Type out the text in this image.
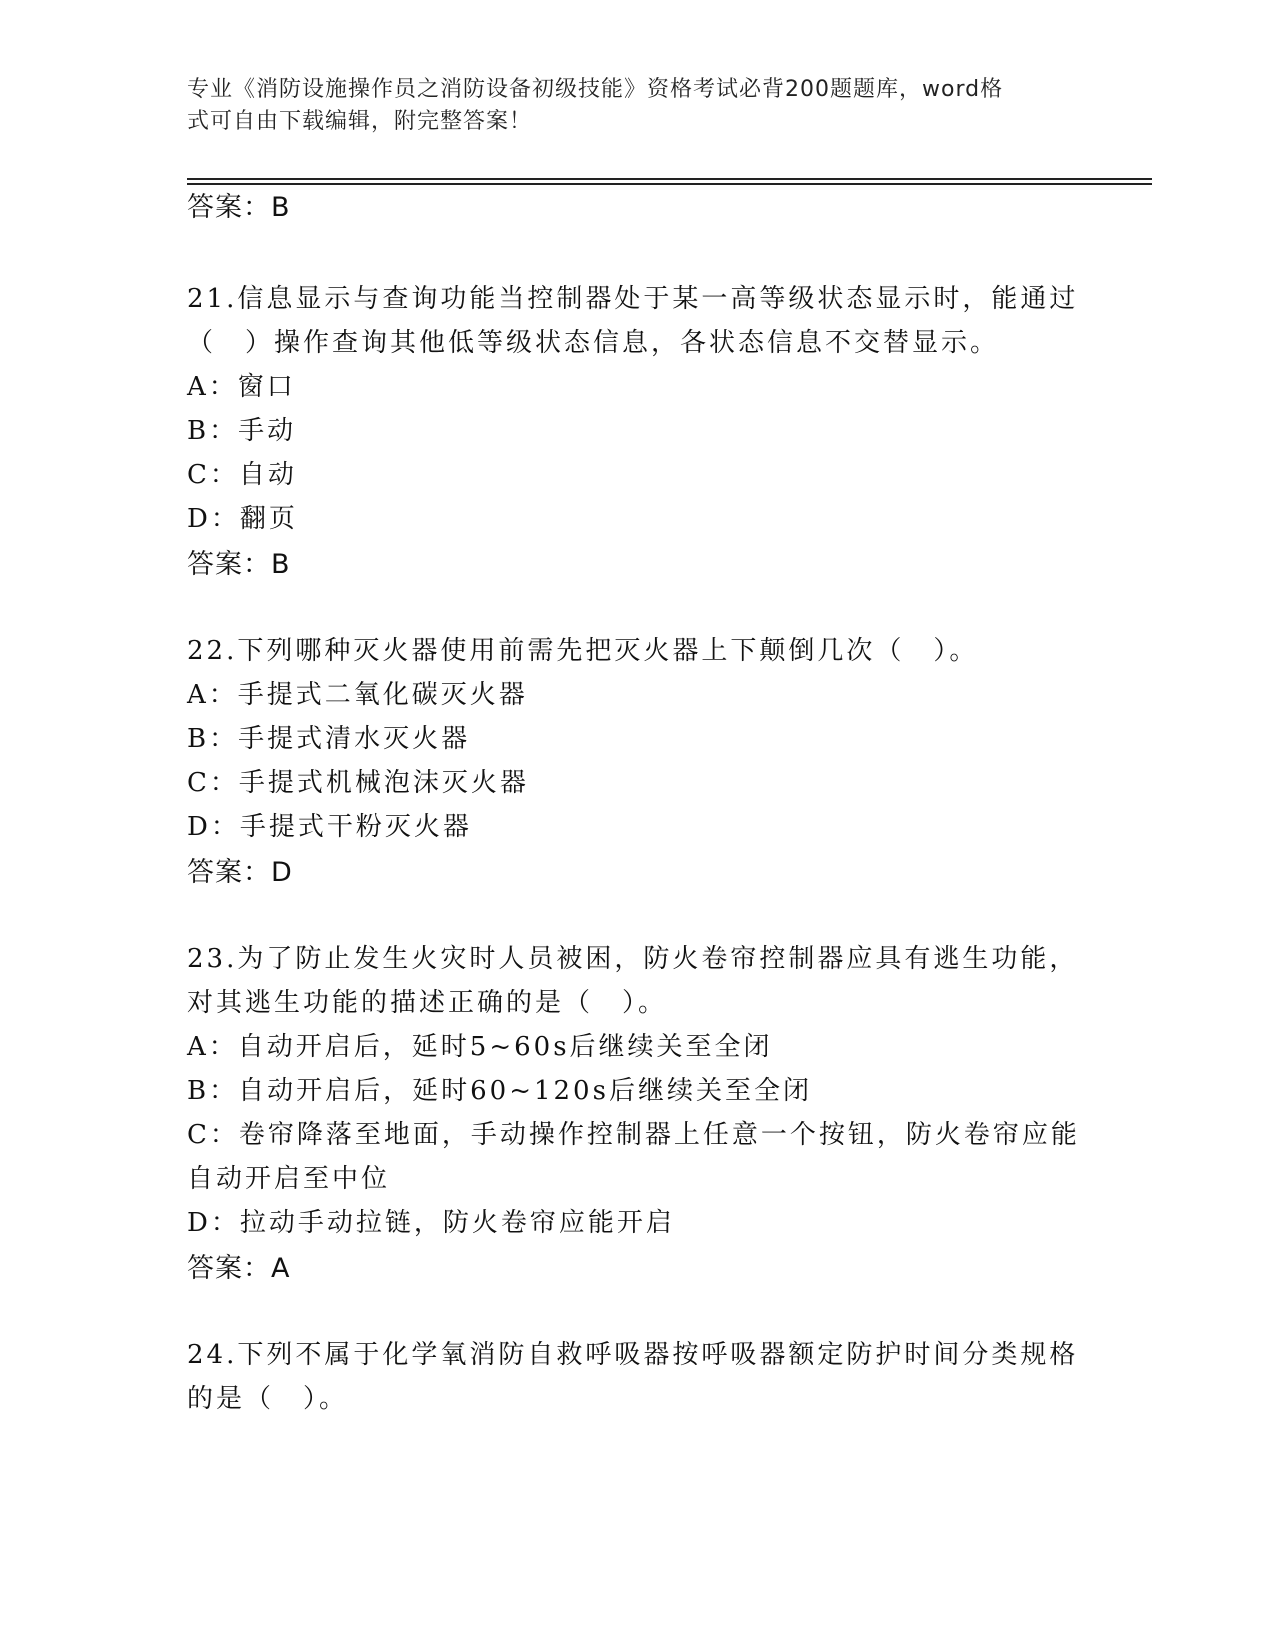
专业《消防设施操作员之消防设备初级技能》资格考试必背200题题库，word格
式可自由下载编辑，附完整答案！
答案：B
21.信息显示与查询功能当控制器处于某一高等级状态显示时，能通过
（　）操作查询其他低等级状态信息，各状态信息不交替显示。
A：窗口
B：手动
C：自动
D：翻页
答案：B
22.下列哪种灭火器使用前需先把灭火器上下颠倒几次（　）。
A：手提式二氧化碳灭火器
B：手提式清水灭火器
C：手提式机械泡沫灭火器
D：手提式干粉灭火器
答案：D
23.为了防止发生火灾时人员被困，防火卷帘控制器应具有逃生功能，
对其逃生功能的描述正确的是（　）。
A：自动开启后，延时5~60s后继续关至全闭
B：自动开启后，延时60~120s后继续关至全闭
C：卷帘降落至地面，手动操作控制器上任意一个按钮，防火卷帘应能
自动开启至中位
D：拉动手动拉链，防火卷帘应能开启
答案：A
24.下列不属于化学氧消防自救呼吸器按呼吸器额定防护时间分类规格
的是（　）。
